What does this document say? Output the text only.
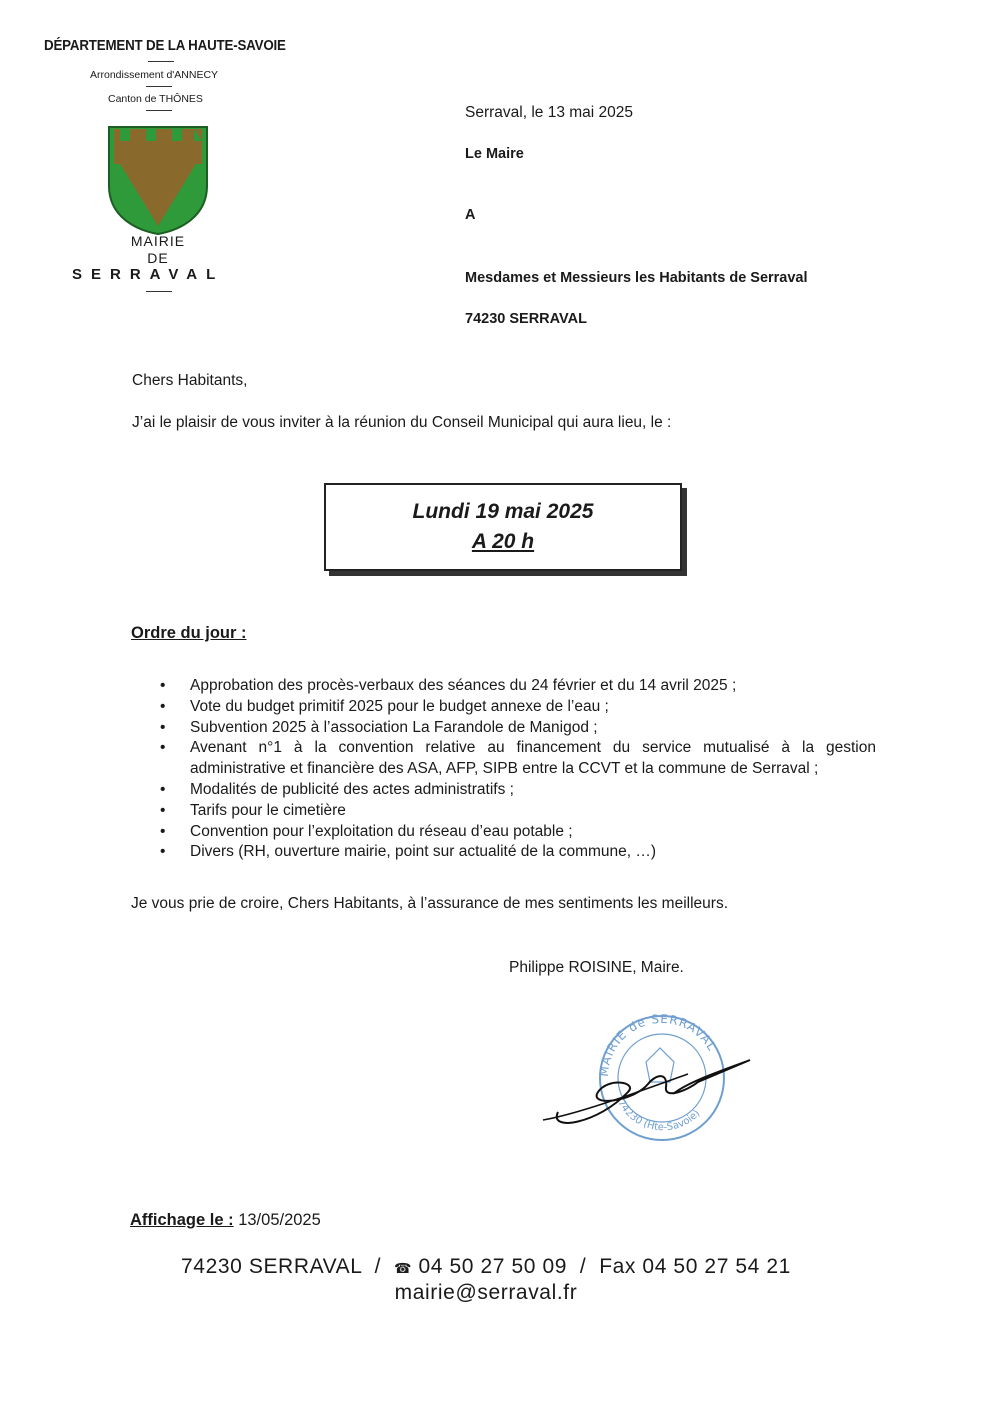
DÉPARTEMENT DE LA HAUTE-SAVOIE
Arrondissement d'ANNECY
Canton de THÔNES
MAIRIE
DE
SERRAVAL
Serraval, le 13 mai 2025
Le Maire
A
Mesdames et Messieurs les Habitants de Serraval
74230 SERRAVAL
Chers Habitants,
J’ai le plaisir de vous inviter à la réunion du Conseil Municipal qui aura lieu, le :
Lundi 19 mai 2025
A 20 h
Ordre du jour :
• Approbation des procès-verbaux des séances du 24 février et du 14 avril 2025 ;
• Vote du budget primitif 2025 pour le budget annexe de l’eau ;
• Subvention 2025 à l’association La Farandole de Manigod ;
• Avenant n°1 à la convention relative au financement du service mutualisé à la gestion administrative et financière des ASA, AFP, SIPB entre la CCVT et la commune de Serraval ;
• Modalités de publicité des actes administratifs ;
• Tarifs pour le cimetière
• Convention pour l’exploitation du réseau d’eau potable ;
• Divers (RH, ouverture mairie, point sur actualité de la commune, …)
Je vous prie de croire, Chers Habitants, à l’assurance de mes sentiments les meilleurs.
Philippe ROISINE, Maire.
MAIRIE de SERRAVAL
74230 (Hte-Savoie)
Affichage le : 13/05/2025
74230 SERRAVAL / ☎ 04 50 27 50 09 / Fax 04 50 27 54 21
mairie@serraval.fr
